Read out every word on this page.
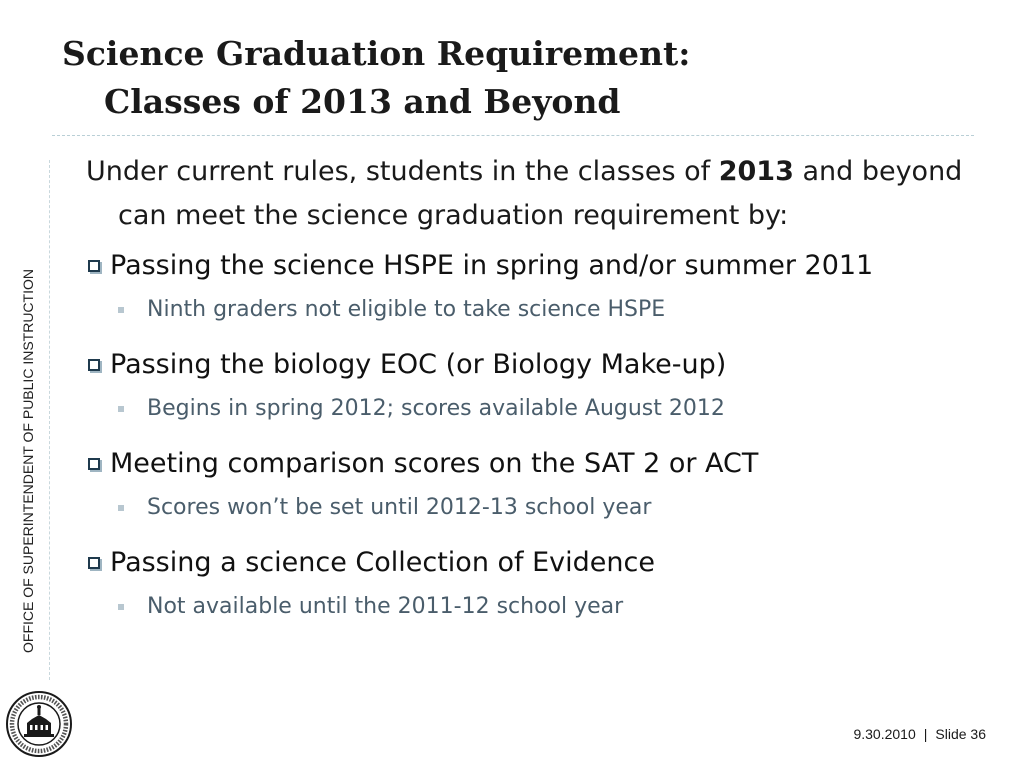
Science Graduation Requirement:
Classes of 2013 and Beyond
OFFICE OF SUPERINTENDENT OF PUBLIC INSTRUCTION

Under current rules, students in the classes of 2013 and beyond can meet the science graduation requirement by:

Passing the science HSPE in spring and/or summer 2011
Ninth graders not eligible to take science HSPE
Passing the biology EOC (or Biology Make-up)
Begins in spring 2012; scores available August 2012
Meeting comparison scores on the SAT 2 or ACT
Scores won’t be set until 2012-13 school year
Passing a science Collection of Evidence
Not available until the 2011-12 school year
9.30.2010 | Slide 36
